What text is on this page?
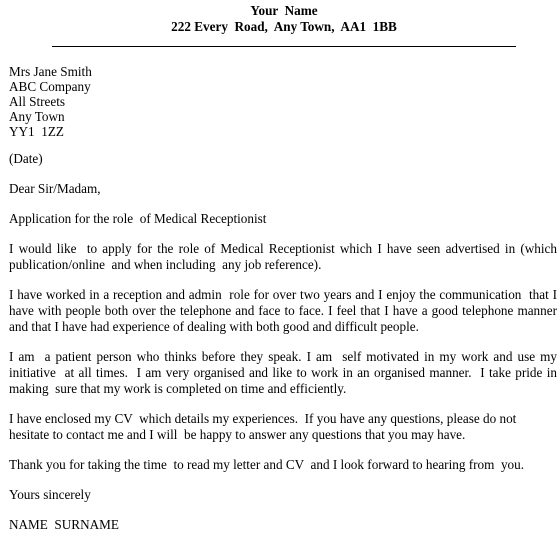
Your  Name
222 Every  Road,  Any Town,  AA1  1BB
Mrs Jane Smith
ABC Company
All Streets
Any Town
YY1  1ZZ
(Date)
Dear Sir/Madam,
Application for the role  of Medical Receptionist
I would like  to apply for the role of Medical Receptionist which I have seen advertised in (which
publication/online  and when including  any job reference).
I have worked in a reception and admin  role for over two years and I enjoy the communication  that I
have with people both over the telephone and face to face. I feel that I have a good telephone manner
and that I have had experience of dealing with both good and difficult people.
I am  a patient person who thinks before they speak. I am  self motivated in my work and use my
initiative  at all times.  I am very organised and like to work in an organised manner.  I take pride in
making  sure that my work is completed on time and efficiently.
I have enclosed my CV  which details my experiences.  If you have any questions, please do not
hesitate to contact me and I will  be happy to answer any questions that you may have.
Thank you for taking the time  to read my letter and CV  and I look forward to hearing from  you.
Yours sincerely
NAME  SURNAME
